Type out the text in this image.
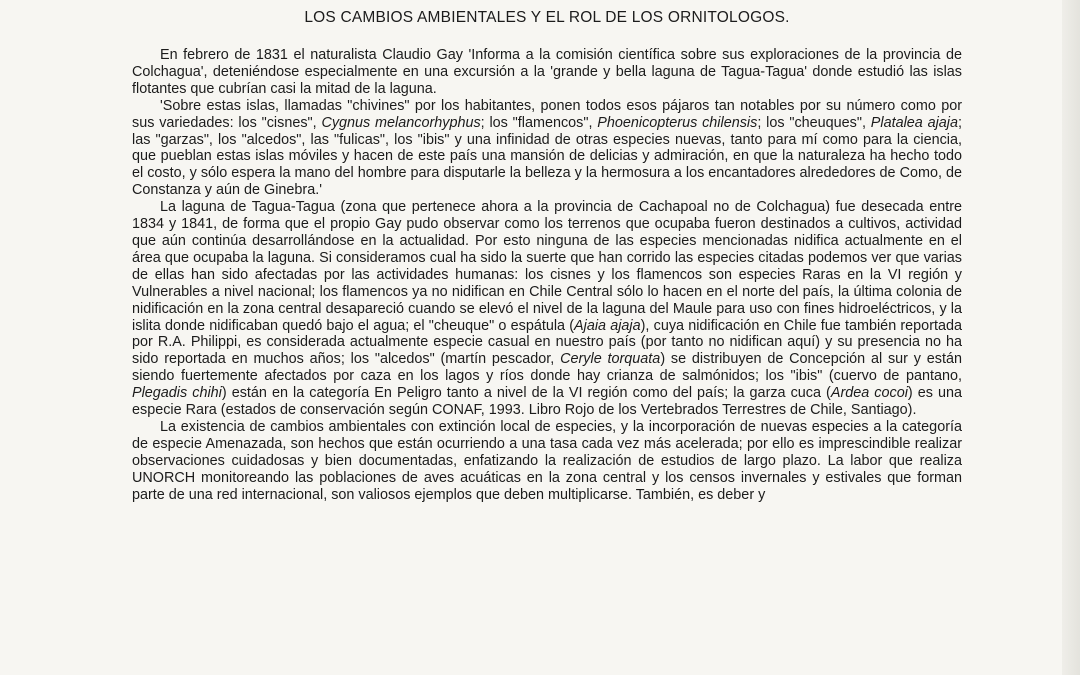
LOS CAMBIOS AMBIENTALES Y EL ROL DE LOS ORNITOLOGOS.

En febrero de 1831 el naturalista Claudio Gay 'Informa a la comisión científica sobre sus exploraciones de la provincia de Colchagua', deteniéndose especialmente en una excursión a la 'grande y bella laguna de Tagua-Tagua' donde estudió las islas flotantes que cubrían casi la mitad de la laguna.

'Sobre estas islas, llamadas "chivines" por los habitantes, ponen todos esos pájaros tan notables por su número como por sus variedades: los "cisnes", Cygnus melancorhyphus; los "flamencos", Phoenicopterus chilensis; los "cheuques", Platalea ajaja; las "garzas", los "alcedos", las "fulicas", los "ibis" y una infinidad de otras especies nuevas, tanto para mí como para la ciencia, que pueblan estas islas móviles y hacen de este país una mansión de delicias y admiración, en que la naturaleza ha hecho todo el costo, y sólo espera la mano del hombre para disputarle la belleza y la hermosura a los encantadores alrededores de Como, de Constanza y aún de Ginebra.'

La laguna de Tagua-Tagua (zona que pertenece ahora a la provincia de Cachapoal no de Colchagua) fue desecada entre 1834 y 1841, de forma que el propio Gay pudo observar como los terrenos que ocupaba fueron destinados a cultivos, actividad que aún continúa desarrollándose en la actualidad. Por esto ninguna de las especies mencionadas nidifica actualmente en el área que ocupaba la laguna. Si consideramos cual ha sido la suerte que han corrido las especies citadas podemos ver que varias de ellas han sido afectadas por las actividades humanas: los cisnes y los flamencos son especies Raras en la VI región y Vulnerables a nivel nacional; los flamencos ya no nidifican en Chile Central sólo lo hacen en el norte del país, la última colonia de nidificación en la zona central desapareció cuando se elevó el nivel de la laguna del Maule para uso con fines hidroeléctricos, y la islita donde nidificaban quedó bajo el agua; el "cheuque" o espátula (Ajaia ajaja), cuya nidificación en Chile fue también reportada por R.A. Philippi, es considerada actualmente especie casual en nuestro país (por tanto no nidifican aquí) y su presencia no ha sido reportada en muchos años; los "alcedos" (martín pescador, Ceryle torquata) se distribuyen de Concepción al sur y están siendo fuertemente afectados por caza en los lagos y ríos donde hay crianza de salmónidos; los "ibis" (cuervo de pantano, Plegadis chihi) están en la categoría En Peligro tanto a nivel de la VI región como del país; la garza cuca (Ardea cocoi) es una especie Rara (estados de conservación según CONAF, 1993. Libro Rojo de los Vertebrados Terrestres de Chile, Santiago).

La existencia de cambios ambientales con extinción local de especies, y la incorporación de nuevas especies a la categoría de especie Amenazada, son hechos que están ocurriendo a una tasa cada vez más acelerada; por ello es imprescindible realizar observaciones cuidadosas y bien documentadas, enfatizando la realización de estudios de largo plazo. La labor que realiza UNORCH monitoreando las poblaciones de aves acuáticas en la zona central y los censos invernales y estivales que forman parte de una red internacional, son valiosos ejemplos que deben multiplicarse. También, es deber y
